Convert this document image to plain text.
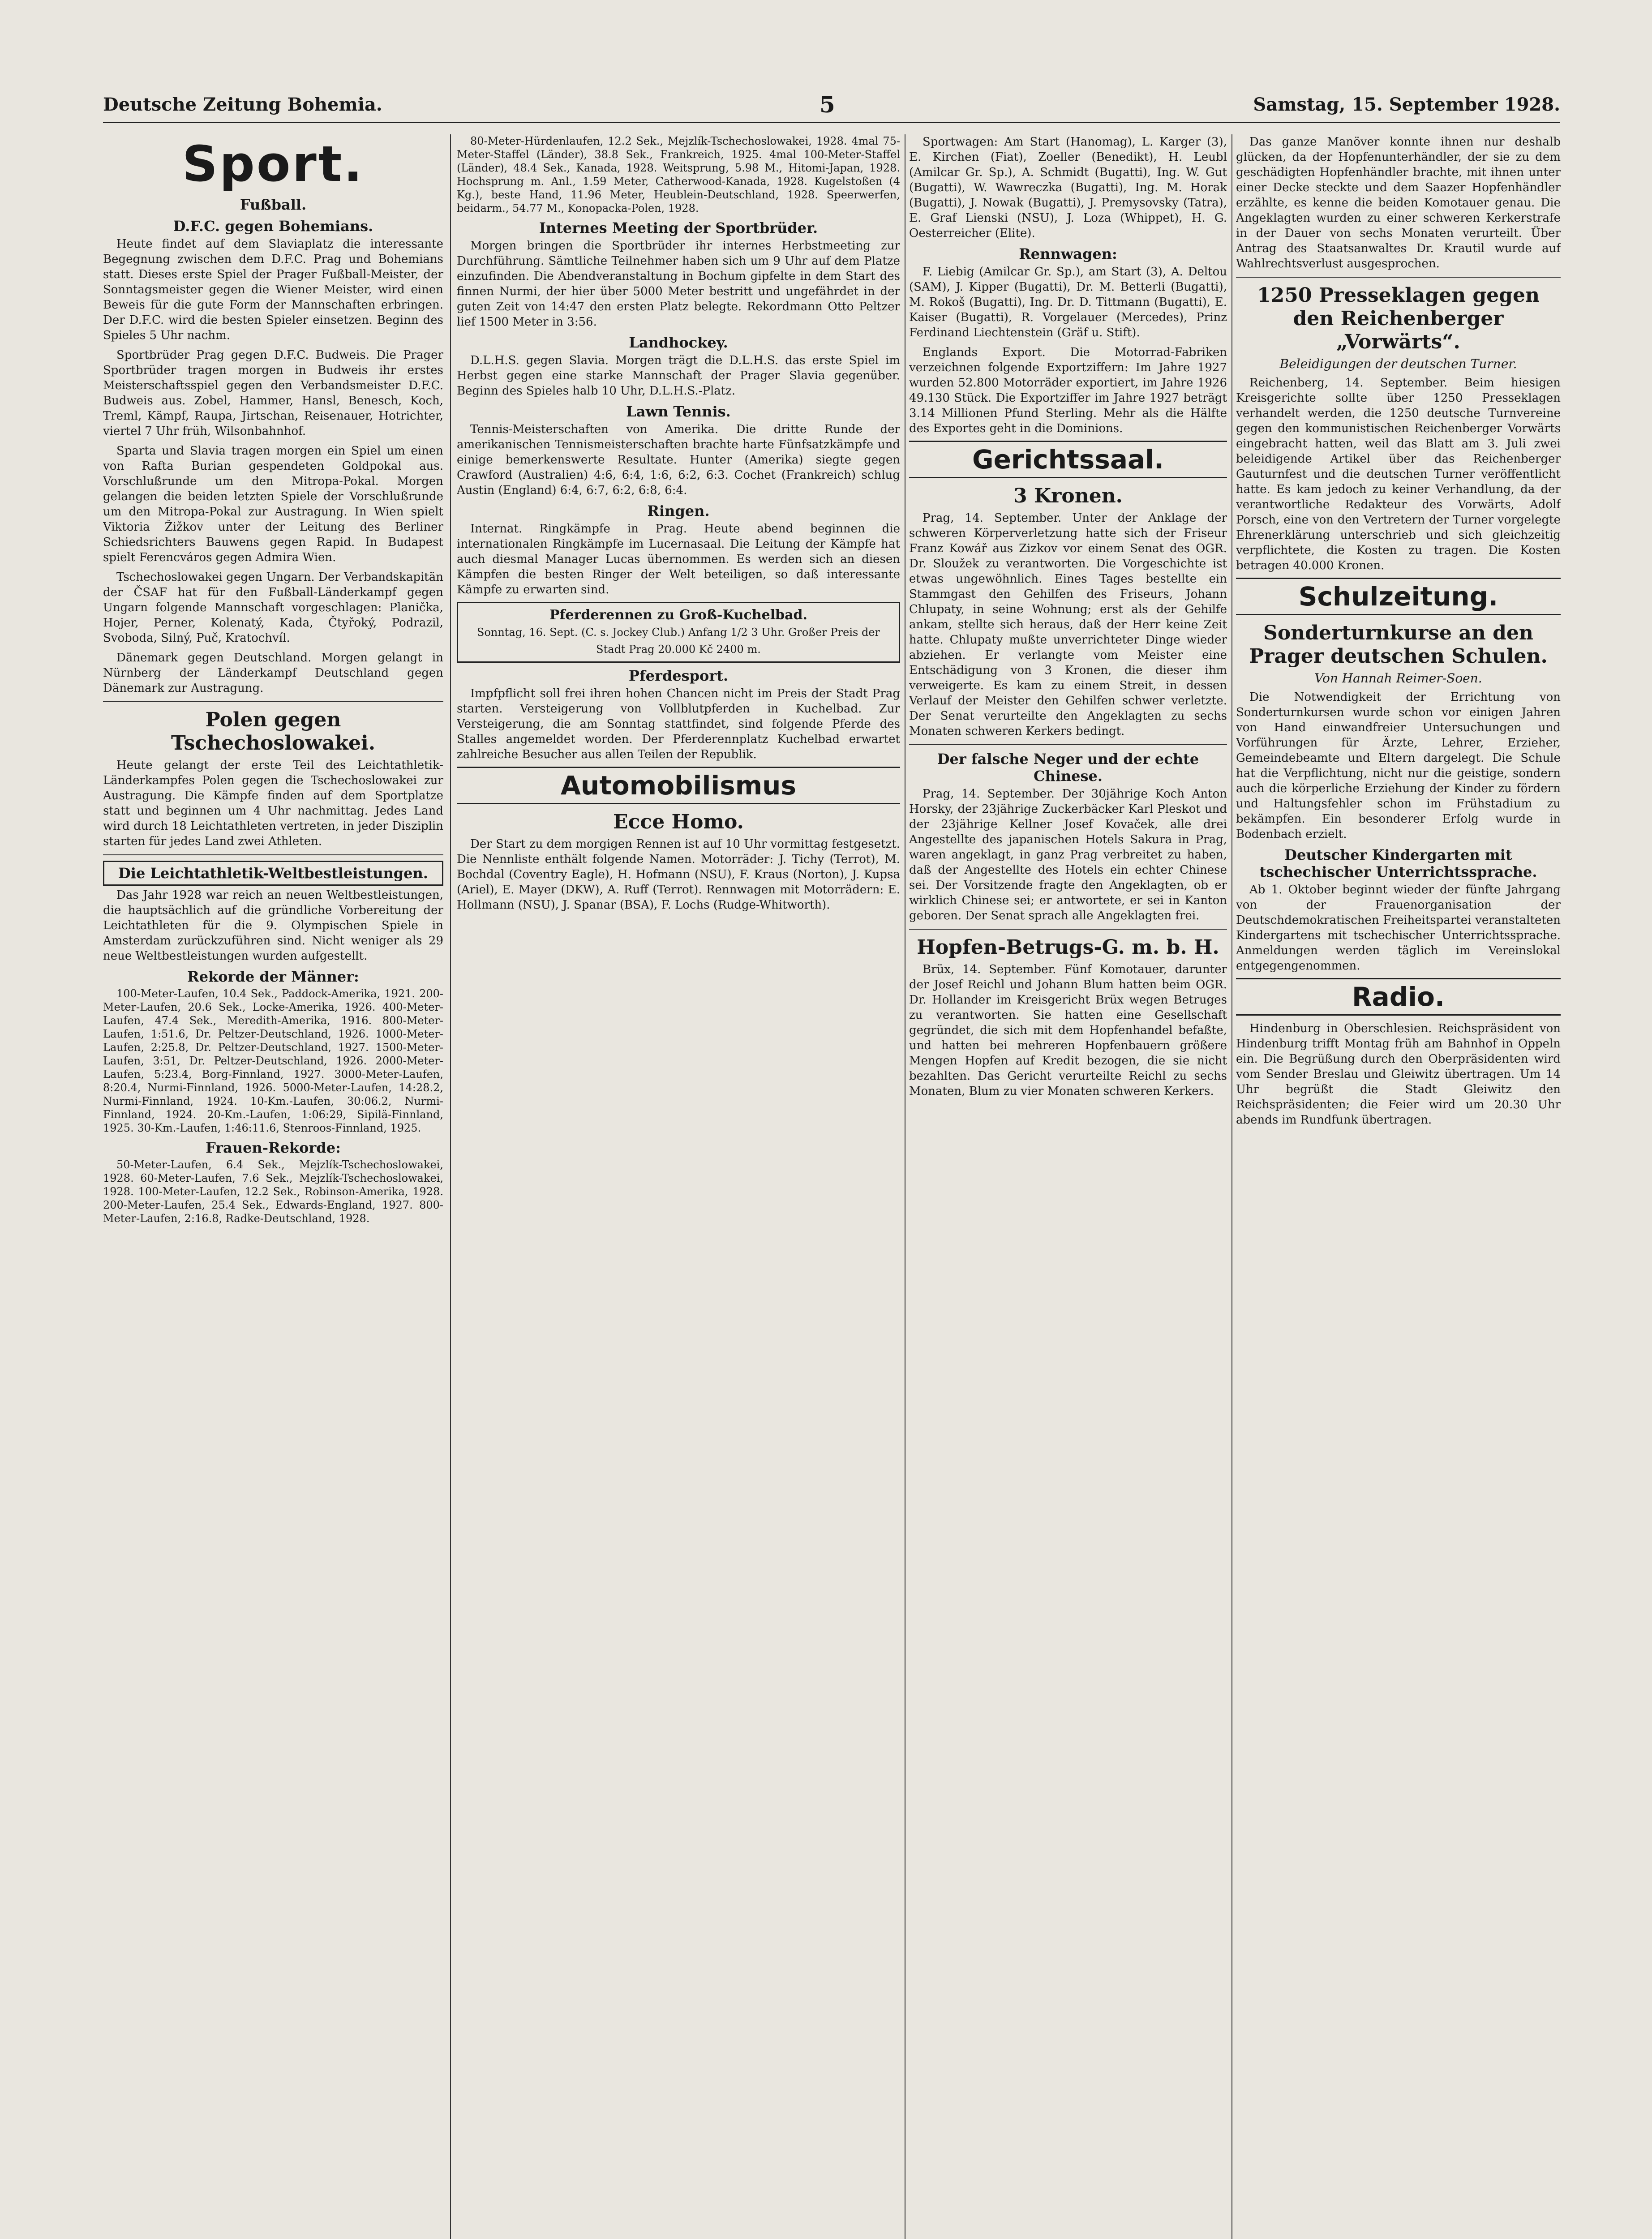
Deutsche Zeitung Bohemia.	5	Samstag, 15. September 1928.
Sport.
Fußball.
D.F.C. gegen Bohemians.

Heute findet auf dem Slaviaplatz die interessante Begegnung zwischen dem D.F.C. Prag und Bohemians statt. Dieses erste Spiel der Prager Fußball-Meister, der Sonntagsmeister gegen die Wiener Meister, wird einen Beweis für die gute Form der Mannschaften erbringen. Der D.F.C. wird die besten Spieler einsetzen. Beginn des Spieles 5 Uhr nachm.

Sportbrüder Prag gegen D.F.C. Budweis. Die Prager Sportbrüder tragen morgen in Budweis ihr erstes Meisterschaftsspiel gegen den Verbandsmeister D.F.C. Budweis aus. Zobel, Hammer, Hansl, Benesch, Koch, Treml, Kämpf, Raupa, Jirtschan, Reisenauer, Hotrichter, viertel 7 Uhr früh, Wilsonbahnhof.

Sparta und Slavia tragen morgen ein Spiel um einen von Rafta Burian gespendeten Goldpokal aus. Vorschlußrunde um den Mitropa-Pokal. Morgen gelangen die beiden letzten Spiele der Vorschlußrunde um den Mitropa-Pokal zur Austragung. In Wien spielt Viktoria Žižkov unter der Leitung des Berliner Schiedsrichters Bauwens gegen Rapid. In Budapest spielt Ferencváros gegen Admira Wien.

Tschechoslowakei gegen Ungarn. Der Verbandskapitän der ČSAF hat für den Fußball-Länderkampf gegen Ungarn folgende Mannschaft vorgeschlagen: Planička, Hojer, Perner, Kolenatý, Kada, Čtyřoký, Podrazil, Svoboda, Silný, Puč, Kratochvíl.

Dänemark gegen Deutschland. Morgen gelangt in Nürnberg der Länderkampf Deutschland gegen Dänemark zur Austragung.

Polen gegen Tschechoslowakei.

Heute gelangt der erste Teil des Leichtathletik-Länderkampfes Polen gegen die Tschechoslowakei zur Austragung. Die Kämpfe finden auf dem Sportplatze statt und beginnen um 4 Uhr nachmittag. Jedes Land wird durch 18 Leichtathleten vertreten, in jeder Disziplin starten für jedes Land zwei Athleten.

Die Leichtathletik-Weltbestleistungen.

Das Jahr 1928 war reich an neuen Weltbestleistungen, die hauptsächlich auf die gründliche Vorbereitung der Leichtathleten für die 9. Olympischen Spiele in Amsterdam zurückzuführen sind. Nicht weniger als 29 neue Weltbestleistungen wurden aufgestellt.

Rekorde der Männer:

100-Meter-Laufen, 10.4 Sek., Paddock-Amerika, 1921. 200-Meter-Laufen, 20.6 Sek., Locke-Amerika, 1926. 400-Meter-Laufen, 47.4 Sek., Meredith-Amerika, 1916. 800-Meter-Laufen, 1:51.6, Dr. Peltzer-Deutschland, 1926. 1000-Meter-Laufen, 2:25.8, Dr. Peltzer-Deutschland, 1927. 1500-Meter-Laufen, 3:51, Dr. Peltzer-Deutschland, 1926. 2000-Meter-Laufen, 5:23.4, Borg-Finnland, 1927. 3000-Meter-Laufen, 8:20.4, Nurmi-Finnland, 1926. 5000-Meter-Laufen, 14:28.2, Nurmi-Finnland, 1924. 10-Km.-Laufen, 30:06.2, Nurmi-Finnland, 1924. 20-Km.-Laufen, 1:06:29, Sipilä-Finnland, 1925. 30-Km.-Laufen, 1:46:11.6, Stenroos-Finnland, 1925.

Frauen-Rekorde:

50-Meter-Laufen, 6.4 Sek., Mejzlík-Tschechoslowakei, 1928. 60-Meter-Laufen, 7.6 Sek., Mejzlík-Tschechoslowakei, 1928. 100-Meter-Laufen, 12.2 Sek., Robinson-Amerika, 1928. 200-Meter-Laufen, 25.4 Sek., Edwards-England, 1927. 800-Meter-Laufen, 2:16.8, Radke-Deutschland, 1928.

80-Meter-Hürdenlaufen, 12.2 Sek., Mejzlík-Tschechoslowakei, 1928. 4mal 75-Meter-Staffel (Länder), 38.8 Sek., Frankreich, 1925. 4mal 100-Meter-Staffel (Länder), 48.4 Sek., Kanada, 1928. Weitsprung, 5.98 M., Hitomi-Japan, 1928. Hochsprung m. Anl., 1.59 Meter, Catherwood-Kanada, 1928. Kugelstoßen (4 Kg.), beste Hand, 11.96 Meter, Heublein-Deutschland, 1928. Speerwerfen, beidarm., 54.77 M., Konopacka-Polen, 1928.

Internes Meeting der Sportbrüder.

Morgen bringen die Sportbrüder ihr internes Herbstmeeting zur Durchführung. Sämtliche Teilnehmer haben sich um 9 Uhr auf dem Platze einzufinden. Die Abendveranstaltung in Bochum gipfelte in dem Start des finnen Nurmi, der hier über 5000 Meter bestritt und ungefährdet in der guten Zeit von 14:47 den ersten Platz belegte. Rekordmann Otto Peltzer lief 1500 Meter in 3:56.

Landhockey.

D.L.H.S. gegen Slavia. Morgen trägt die D.L.H.S. das erste Spiel im Herbst gegen eine starke Mannschaft der Prager Slavia gegenüber. Beginn des Spieles halb 10 Uhr, D.L.H.S.-Platz.

Lawn Tennis.

Tennis-Meisterschaften von Amerika. Die dritte Runde der amerikanischen Tennismeisterschaften brachte harte Fünfsatzkämpfe und einige bemerkenswerte Resultate. Hunter (Amerika) siegte gegen Crawford (Australien) 4:6, 6:4, 1:6, 6:2, 6:3. Cochet (Frankreich) schlug Austin (England) 6:4, 6:7, 6:2, 6:8, 6:4.

Ringen.

Internat. Ringkämpfe in Prag. Heute abend beginnen die internationalen Ringkämpfe im Lucernasaal. Die Leitung der Kämpfe hat auch diesmal Manager Lucas übernommen. Es werden sich an diesen Kämpfen die besten Ringer der Welt beteiligen, so daß interessante Kämpfe zu erwarten sind.

Pferderennen zu Groß-Kuchelbad.
Sonntag, 16. Sept. (C. s. Jockey Club.) Anfang 1/2 3 Uhr. Großer Preis der Stadt Prag 20.000 Kč 2400 m.
Pferdesport.

Impfpflicht soll frei ihren hohen Chancen nicht im Preis der Stadt Prag starten. Versteigerung von Vollblutpferden in Kuchelbad. Zur Versteigerung, die am Sonntag stattfindet, sind folgende Pferde des Stalles angemeldet worden. Der Pferderennplatz Kuchelbad erwartet zahlreiche Besucher aus allen Teilen der Republik.

Automobilismus
Ecce Homo.

Der Start zu dem morgigen Rennen ist auf 10 Uhr vormittag festgesetzt. Die Nennliste enthält folgende Namen. Motorräder: J. Tichy (Terrot), M. Bochdal (Coventry Eagle), H. Hofmann (NSU), F. Kraus (Norton), J. Kupsa (Ariel), E. Mayer (DKW), A. Ruff (Terrot). Rennwagen mit Motorrädern: E. Hollmann (NSU), J. Spanar (BSA), F. Lochs (Rudge-Whitworth).

Sportwagen: Am Start (Hanomag), L. Karger (3), E. Kirchen (Fiat), Zoeller (Benedikt), H. Leubl (Amilcar Gr. Sp.), A. Schmidt (Bugatti), Ing. W. Gut (Bugatti), W. Wawreczka (Bugatti), Ing. M. Horak (Bugatti), J. Nowak (Bugatti), J. Premysovsky (Tatra), E. Graf Lienski (NSU), J. Loza (Whippet), H. G. Oesterreicher (Elite).

Rennwagen:

F. Liebig (Amilcar Gr. Sp.), am Start (3), A. Deltou (SAM), J. Kipper (Bugatti), Dr. M. Betterli (Bugatti), M. Rokoš (Bugatti), Ing. Dr. D. Tittmann (Bugatti), E. Kaiser (Bugatti), R. Vorgelauer (Mercedes), Prinz Ferdinand Liechtenstein (Gräf u. Stift).

Englands Export. Die Motorrad-Fabriken verzeichnen folgende Exportziffern: Im Jahre 1927 wurden 52.800 Motorräder exportiert, im Jahre 1926 49.130 Stück. Die Exportziffer im Jahre 1927 beträgt 3.14 Millionen Pfund Sterling. Mehr als die Hälfte des Exportes geht in die Dominions.

Gerichtssaal.
3 Kronen.

Prag, 14. September. Unter der Anklage der schweren Körperverletzung hatte sich der Friseur Franz Kowář aus Zizkov vor einem Senat des OGR. Dr. Sloužek zu verantworten. Die Vorgeschichte ist etwas ungewöhnlich. Eines Tages bestellte ein Stammgast den Gehilfen des Friseurs, Johann Chlupaty, in seine Wohnung; erst als der Gehilfe ankam, stellte sich heraus, daß der Herr keine Zeit hatte. Chlupaty mußte unverrichteter Dinge wieder abziehen. Er verlangte vom Meister eine Entschädigung von 3 Kronen, die dieser ihm verweigerte. Es kam zu einem Streit, in dessen Verlauf der Meister den Gehilfen schwer verletzte. Der Senat verurteilte den Angeklagten zu sechs Monaten schweren Kerkers bedingt.

Der falsche Neger und der echte Chinese.

Prag, 14. September. Der 30jährige Koch Anton Horsky, der 23jährige Zuckerbäcker Karl Pleskot und der 23jährige Kellner Josef Kovaček, alle drei Angestellte des japanischen Hotels Sakura in Prag, waren angeklagt, in ganz Prag verbreitet zu haben, daß der Angestellte des Hotels ein echter Chinese sei. Der Vorsitzende fragte den Angeklagten, ob er wirklich Chinese sei; er antwortete, er sei in Kanton geboren. Der Senat sprach alle Angeklagten frei.

Hopfen-Betrugs-G. m. b. H.

Brüx, 14. September. Fünf Komotauer, darunter der Josef Reichl und Johann Blum hatten beim OGR. Dr. Hollander im Kreisgericht Brüx wegen Betruges zu verantworten. Sie hatten eine Gesellschaft gegründet, die sich mit dem Hopfenhandel befaßte, und hatten bei mehreren Hopfenbauern größere Mengen Hopfen auf Kredit bezogen, die sie nicht bezahlten. Das Gericht verurteilte Reichl zu sechs Monaten, Blum zu vier Monaten schweren Kerkers.

Das ganze Manöver konnte ihnen nur deshalb glücken, da der Hopfenunterhändler, der sie zu dem geschädigten Hopfenhändler brachte, mit ihnen unter einer Decke steckte und dem Saazer Hopfenhändler erzählte, es kenne die beiden Komotauer genau. Die Angeklagten wurden zu einer schweren Kerkerstrafe in der Dauer von sechs Monaten verurteilt. Über Antrag des Staatsanwaltes Dr. Krautil wurde auf Wahlrechtsverlust ausgesprochen.

1250 Presseklagen gegen den Reichenberger „Vorwärts“.
Beleidigungen der deutschen Turner.

Reichenberg, 14. September. Beim hiesigen Kreisgerichte sollte über 1250 Presseklagen verhandelt werden, die 1250 deutsche Turnvereine gegen den kommunistischen Reichenberger Vorwärts eingebracht hatten, weil das Blatt am 3. Juli zwei beleidigende Artikel über das Reichenberger Gauturnfest und die deutschen Turner veröffentlicht hatte. Es kam jedoch zu keiner Verhandlung, da der verantwortliche Redakteur des Vorwärts, Adolf Porsch, eine von den Vertretern der Turner vorgelegte Ehrenerklärung unterschrieb und sich gleichzeitig verpflichtete, die Kosten zu tragen. Die Kosten betragen 40.000 Kronen.

Schulzeitung.
Sonderturnkurse an den Prager deutschen Schulen.
Von Hannah Reimer-Soen.

Die Notwendigkeit der Errichtung von Sonderturnkursen wurde schon vor einigen Jahren von Hand einwandfreier Untersuchungen und Vorführungen für Ärzte, Lehrer, Erzieher, Gemeindebeamte und Eltern dargelegt. Die Schule hat die Verpflichtung, nicht nur die geistige, sondern auch die körperliche Erziehung der Kinder zu fördern und Haltungsfehler schon im Frühstadium zu bekämpfen. Ein besonderer Erfolg wurde in Bodenbach erzielt.

Deutscher Kindergarten mit tschechischer Unterrichtssprache.

Ab 1. Oktober beginnt wieder der fünfte Jahrgang von der Frauenorganisation der Deutschdemokratischen Freiheitspartei veranstalteten Kindergartens mit tschechischer Unterrichtssprache. Anmeldungen werden täglich im Vereinslokal entgegengenommen.

Radio.

Hindenburg in Oberschlesien. Reichspräsident von Hindenburg trifft Montag früh am Bahnhof in Oppeln ein. Die Begrüßung durch den Oberpräsidenten wird vom Sender Breslau und Gleiwitz übertragen. Um 14 Uhr begrüßt die Stadt Gleiwitz den Reichspräsidenten; die Feier wird um 20.30 Uhr abends im Rundfunk übertragen.
